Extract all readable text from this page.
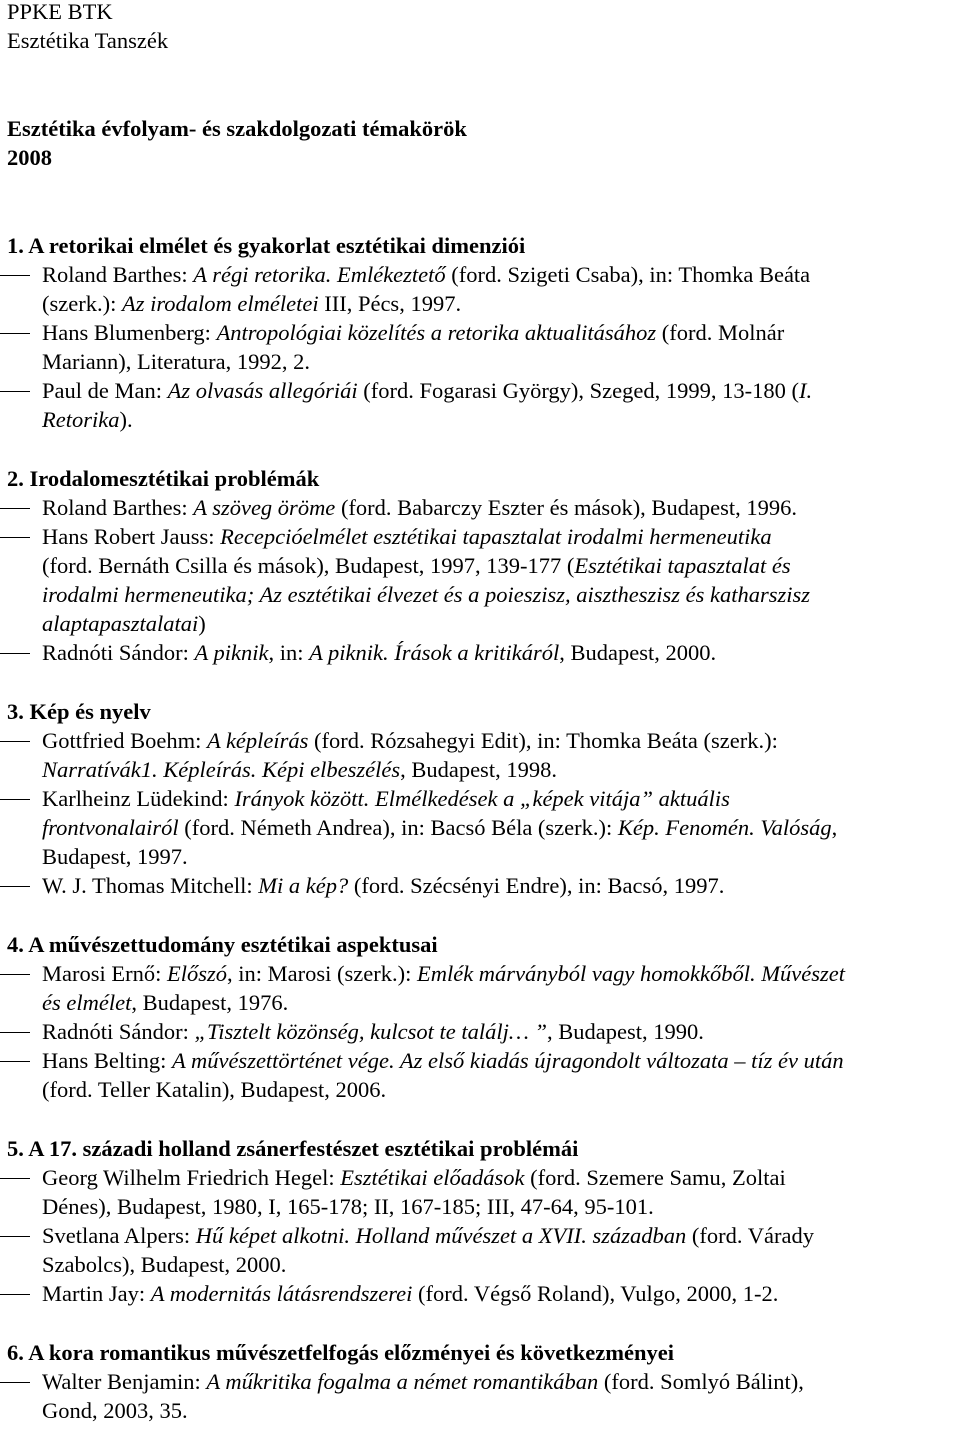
PPKE BTK
Esztétika Tanszék
Esztétika évfolyam- és szakdolgozati témakörök
2008
1. A retorikai elmélet és gyakorlat esztétikai dimenziói
Roland Barthes: A régi retorika. Emlékeztető (ford. Szigeti Csaba), in: Thomka Beáta
(szerk.): Az irodalom elméletei III, Pécs, 1997.
Hans Blumenberg: Antropológiai közelítés a retorika aktualitásához (ford. Molnár
Mariann), Literatura, 1992, 2.
Paul de Man: Az olvasás allegóriái (ford. Fogarasi György), Szeged, 1999, 13-180 (I.
Retorika).
2. Irodalomesztétikai problémák
Roland Barthes: A szöveg öröme (ford. Babarczy Eszter és mások), Budapest, 1996.
Hans Robert Jauss: Recepcióelmélet esztétikai tapasztalat irodalmi hermeneutika
(ford. Bernáth Csilla és mások), Budapest, 1997, 139-177 (Esztétikai tapasztalat és
irodalmi hermeneutika; Az esztétikai élvezet és a poieszisz, aisztheszisz és katharszisz
alaptapasztalatai)
Radnóti Sándor: A piknik, in: A piknik. Írások a kritikáról, Budapest, 2000.
3. Kép és nyelv
Gottfried Boehm: A képleírás (ford. Rózsahegyi Edit), in: Thomka Beáta (szerk.):
Narratívák1. Képleírás. Képi elbeszélés, Budapest, 1998.
Karlheinz Lüdekind: Irányok között. Elmélkedések a „képek vitája” aktuális
frontvonalairól (ford. Németh Andrea), in: Bacsó Béla (szerk.): Kép. Fenomén. Valóság,
Budapest, 1997.
W. J. Thomas Mitchell: Mi a kép? (ford. Szécsényi Endre), in: Bacsó, 1997.
4. A művészettudomány esztétikai aspektusai
Marosi Ernő: Előszó, in: Marosi (szerk.): Emlék márványból vagy homokkőből. Művészet
és elmélet, Budapest, 1976.
Radnóti Sándor: „Tisztelt közönség, kulcsot te találj… ”, Budapest, 1990.
Hans Belting: A művészettörténet vége. Az első kiadás újragondolt változata – tíz év után
(ford. Teller Katalin), Budapest, 2006.
5. A 17. századi holland zsánerfestészet esztétikai problémái
Georg Wilhelm Friedrich Hegel: Esztétikai előadások (ford. Szemere Samu, Zoltai
Dénes), Budapest, 1980, I, 165-178; II, 167-185; III, 47-64, 95-101.
Svetlana Alpers: Hű képet alkotni. Holland művészet a XVII. században (ford. Várady
Szabolcs), Budapest, 2000.
Martin Jay: A modernitás látásrendszerei (ford. Végső Roland), Vulgo, 2000, 1-2.
6. A kora romantikus művészetfelfogás előzményei és következményei
Walter Benjamin: A műkritika fogalma a német romantikában (ford. Somlyó Bálint),
Gond, 2003, 35.
